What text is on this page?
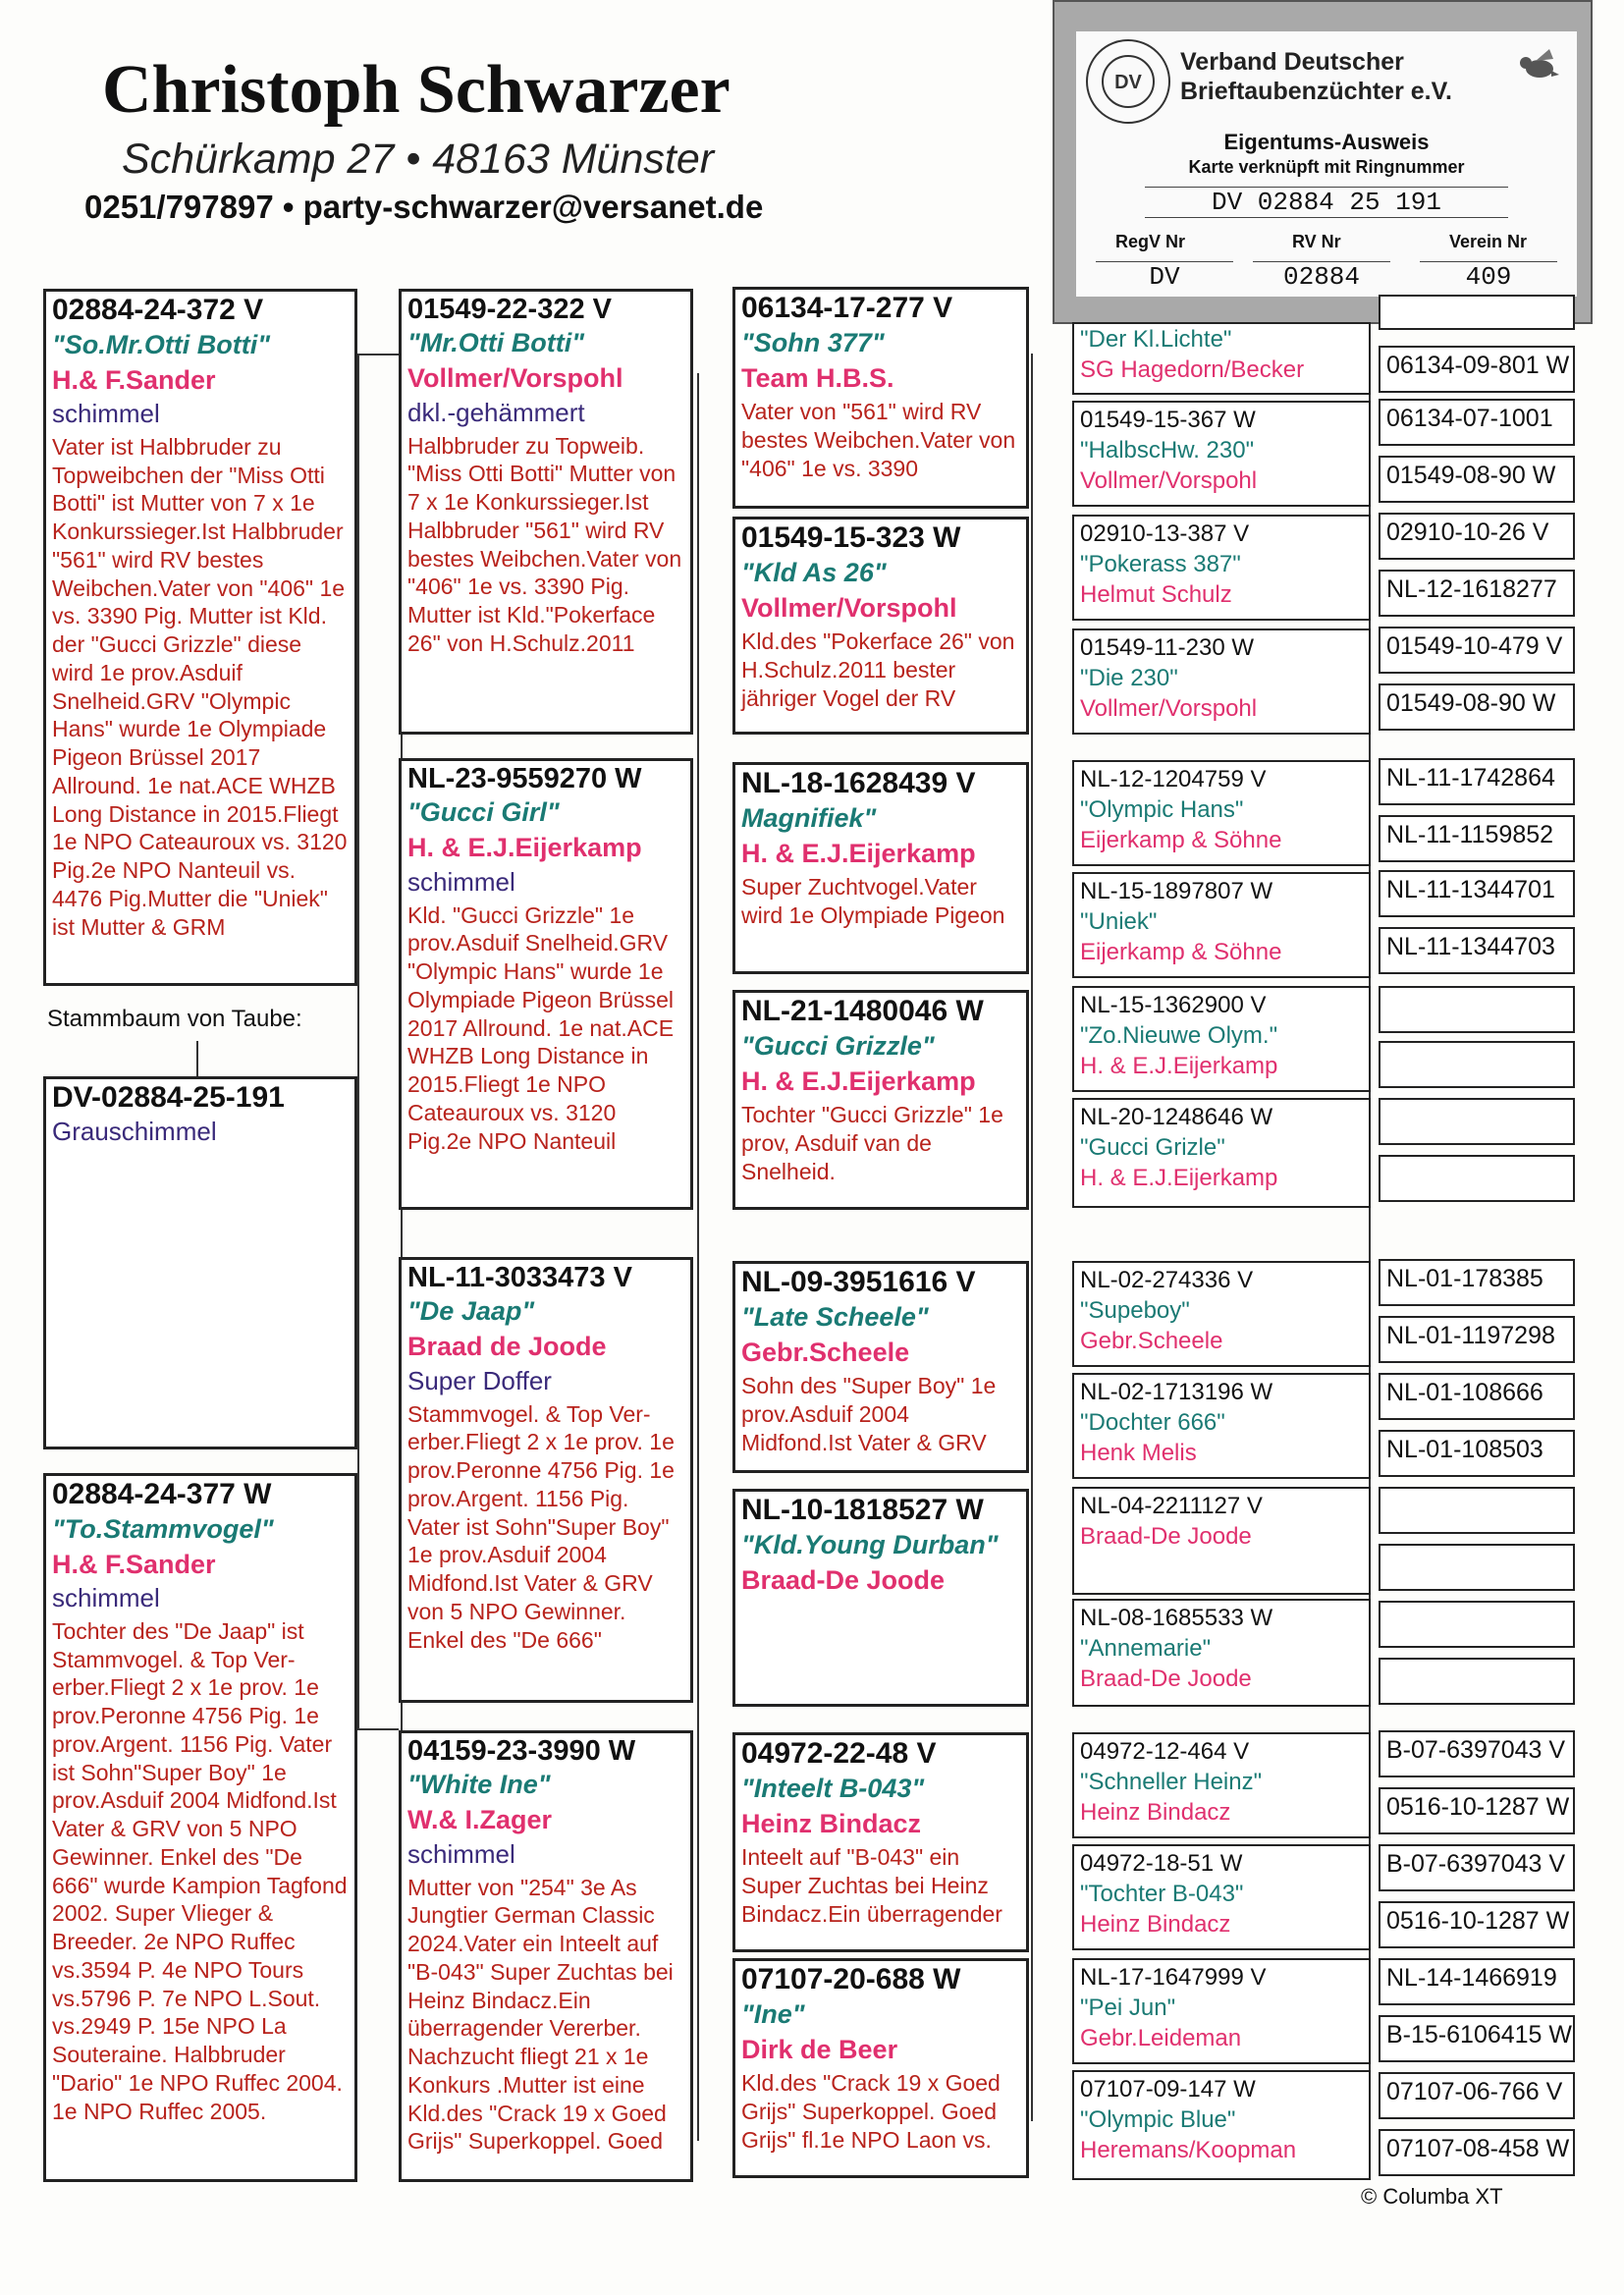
Christoph Schwarzer
Schürkamp 27 • 48163 Münster
0251/797897 • party-schwarzer@versanet.de
DV
Verband Deutscher
Brieftaubenzüchter e.V.
Eigentums-Ausweis
Karte verknüpft mit Ringnummer
DV 02884 25 191
RegV Nr	RV Nr	Verein Nr
DV	02884	409
02884-24-372 V
"So.Mr.Otti Botti"
H.& F.Sander
schimmel
Vater ist Halbbruder zu Topweibchen der "Miss Otti Botti" ist Mutter von 7 x 1e Konkurssieger.Ist Halbbruder "561" wird RV bestes Weibchen.Vater von "406" 1e vs. 3390 Pig. Mutter ist Kld. der "Gucci Grizzle" diese wird 1e prov.Asduif Snelheid.GRV "Olympic Hans" wurde 1e Olympiade Pigeon Brüssel 2017 Allround. 1e nat.ACE WHZB Long Distance in 2015.Fliegt 1e NPO Cateauroux vs. 3120 Pig.2e NPO Nanteuil vs. 4476 Pig.Mutter die "Uniek" ist Mutter & GRM
Stammbaum von Taube:
DV-02884-25-191
Grauschimmel
02884-24-377 W
"To.Stammvogel"
H.& F.Sander
schimmel
Tochter des "De Jaap" ist Stammvogel. & Top Ver-erber.Fliegt 2 x 1e prov. 1e prov.Peronne 4756 Pig. 1e prov.Argent. 1156 Pig. Vater ist Sohn"Super Boy" 1e prov.Asduif 2004 Midfond.Ist Vater & GRV von 5 NPO Gewinner. Enkel des "De 666" wurde Kampion Tagfond 2002. Super Vlieger & Breeder. 2e NPO Ruffec vs.3594 P. 4e NPO Tours vs.5796 P. 7e NPO L.Sout. vs.2949 P. 15e NPO La Souteraine. Halbbruder "Dario" 1e NPO Ruffec 2004. 1e NPO Ruffec 2005.
01549-22-322 V
"Mr.Otti Botti"
Vollmer/Vorspohl
dkl.-gehämmert
Halbbruder zu Topweib. "Miss Otti Botti" Mutter von 7 x 1e Konkurssieger.Ist Halbbruder "561" wird RV bestes Weibchen.Vater von "406" 1e vs. 3390 Pig. Mutter ist Kld."Pokerface 26" von H.Schulz.2011
NL-23-9559270 W
"Gucci Girl"
H. & E.J.Eijerkamp
schimmel
Kld. "Gucci Grizzle" 1e prov.Asduif Snelheid.GRV "Olympic Hans" wurde 1e Olympiade Pigeon Brüssel 2017 Allround. 1e nat.ACE WHZB Long Distance in 2015.Fliegt 1e NPO Cateauroux vs. 3120 Pig.2e NPO Nanteuil
NL-11-3033473 V
"De Jaap"
Braad de Joode
Super Doffer
Stammvogel. & Top Ver-erber.Fliegt 2 x 1e prov. 1e prov.Peronne 4756 Pig. 1e prov.Argent. 1156 Pig. Vater ist Sohn"Super Boy" 1e prov.Asduif 2004 Midfond.Ist Vater & GRV von 5 NPO Gewinner. Enkel des "De 666"
04159-23-3990 W
"White Ine"
W.& I.Zager
schimmel
Mutter von "254" 3e As Jungtier German Classic 2024.Vater ein Inteelt auf "B-043" Super Zuchtas bei Heinz Bindacz.Ein überragender Vererber. Nachzucht fliegt 21 x 1e Konkurs .Mutter ist eine Kld.des "Crack 19 x Goed Grijs" Superkoppel. Goed
06134-17-277 V
"Sohn 377"
Team H.B.S.
Vater von "561" wird RV bestes Weibchen.Vater von "406" 1e vs. 3390
01549-15-323 W
"Kld As 26"
Vollmer/Vorspohl
Kld.des "Pokerface 26" von H.Schulz.2011 bester jähriger Vogel der RV
NL-18-1628439 V
Magnifiek"
H. & E.J.Eijerkamp
Super Zuchtvogel.Vater wird 1e Olympiade Pigeon
NL-21-1480046 W
"Gucci Grizzle"
H. & E.J.Eijerkamp
Tochter "Gucci Grizzle" 1e prov, Asduif van de Snelheid.
NL-09-3951616 V
"Late Scheele"
Gebr.Scheele
Sohn des "Super Boy" 1e prov.Asduif 2004 Midfond.Ist Vater & GRV
NL-10-1818527 W
"Kld.Young Durban"
Braad-De Joode
04972-22-48 V
"Inteelt B-043"
Heinz Bindacz
Inteelt auf "B-043" ein Super Zuchtas bei Heinz Bindacz.Ein überragender
07107-20-688 W
"Ine"
Dirk de Beer
Kld.des "Crack 19 x Goed Grijs" Superkoppel. Goed Grijs" fl.1e NPO Laon vs.
"Der Kl.Lichte"
SG Hagedorn/Becker
01549-15-367 W
"HalbscHw. 230"
Vollmer/Vorspohl
02910-13-387 V
"Pokerass 387"
Helmut Schulz
01549-11-230 W
"Die 230"
Vollmer/Vorspohl
NL-12-1204759 V
"Olympic Hans"
Eijerkamp & Söhne
NL-15-1897807 W
"Uniek"
Eijerkamp & Söhne
NL-15-1362900 V
"Zo.Nieuwe Olym."
H. & E.J.Eijerkamp
NL-20-1248646 W
"Gucci Grizle"
H. & E.J.Eijerkamp
NL-02-274336 V
"Supeboy"
Gebr.Scheele
NL-02-1713196 W
"Dochter 666"
Henk Melis
NL-04-2211127 V
Braad-De Joode
NL-08-1685533 W
"Annemarie"
Braad-De Joode
04972-12-464 V
"Schneller Heinz"
Heinz Bindacz
04972-18-51 W
"Tochter B-043"
Heinz Bindacz
NL-17-1647999 V
"Pei Jun"
Gebr.Leideman
07107-09-147 W
"Olympic Blue"
Heremans/Koopman
06134-09-801 W
06134-07-1001
01549-08-90 W
02910-10-26 V
NL-12-1618277
01549-10-479 V
01549-08-90 W
NL-11-1742864
NL-11-1159852
NL-11-1344701
NL-11-1344703
NL-01-178385
NL-01-1197298
NL-01-108666
NL-01-108503
B-07-6397043 V
0516-10-1287 W
B-07-6397043 V
0516-10-1287 W
NL-14-1466919
B-15-6106415 W
07107-06-766 V
07107-08-458 W
© Columba XT
